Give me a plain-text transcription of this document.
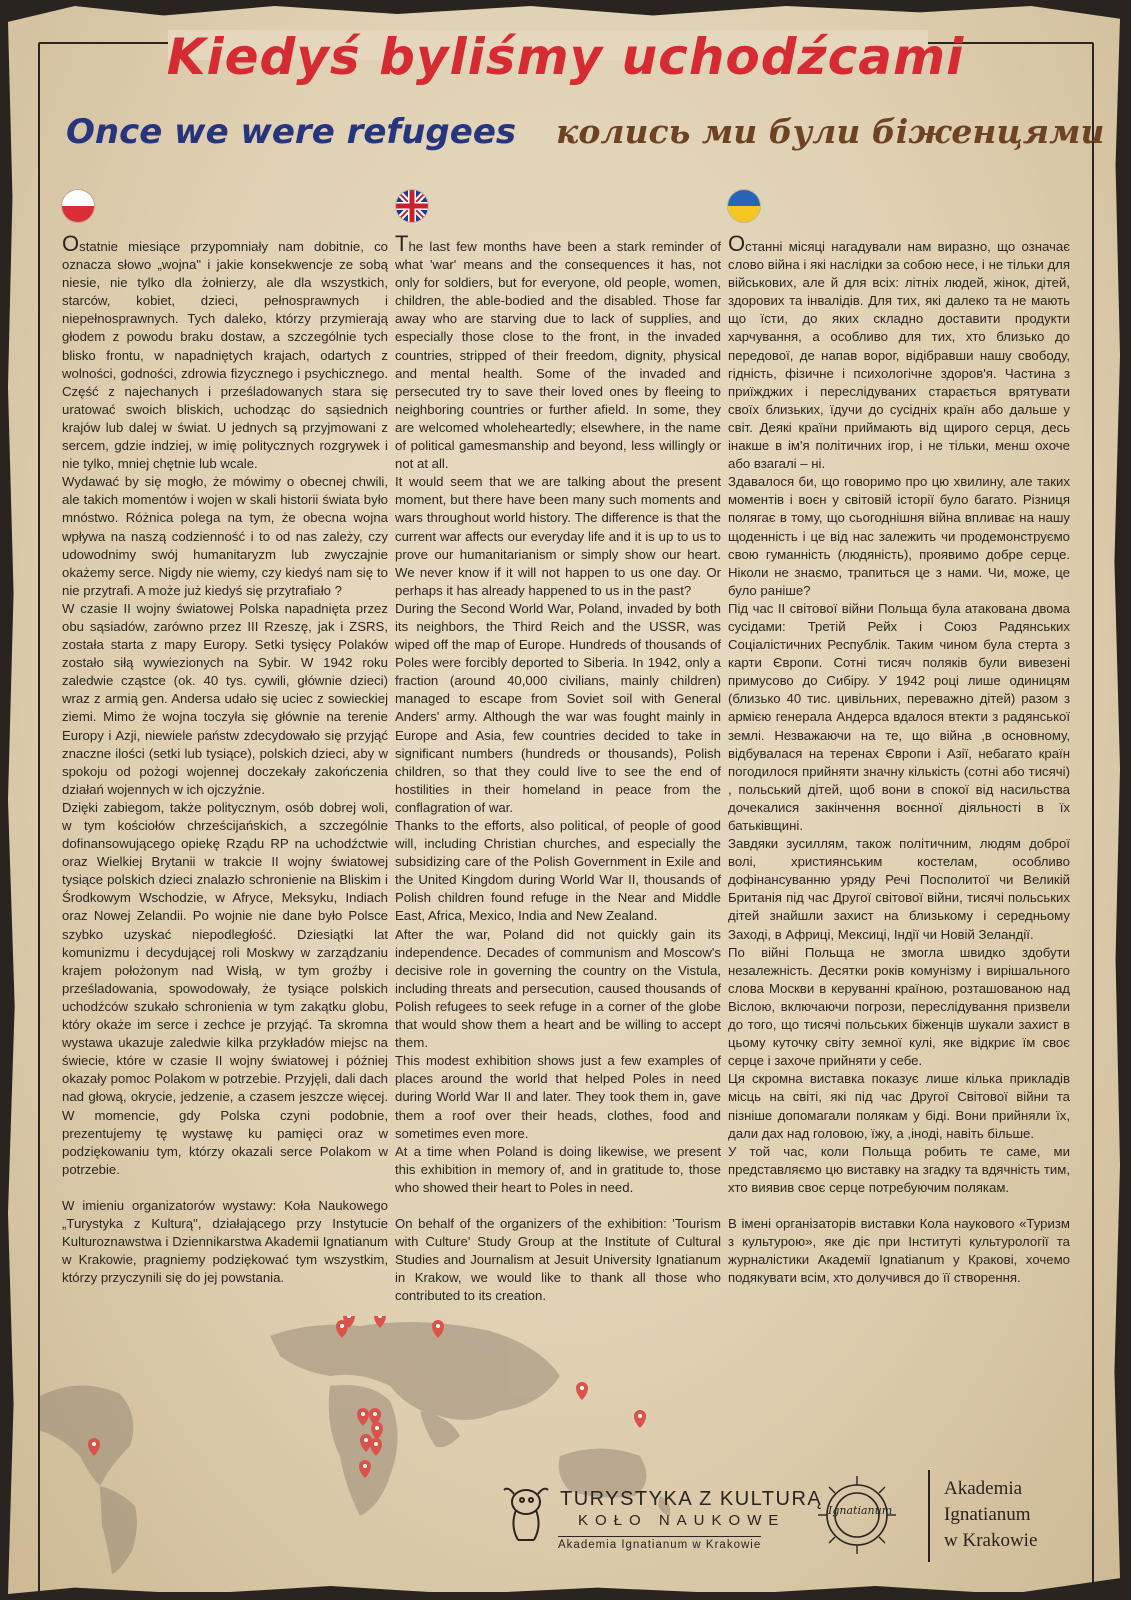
Kiedyś byliśmy uchodźcami
Once we were refugees колись ми були біженцями

Ostatnie miesiące przypomniały nam dobitnie, co oznacza słowo „wojna" i jakie konsekwencje ze sobą niesie, nie tylko dla żołnierzy, ale dla wszystkich, starców, kobiet, dzieci, pełnosprawnych i niepełnosprawnych. Tych daleko, którzy przymierają głodem z powodu braku dostaw, a szczególnie tych blisko frontu, w napadniętych krajach, odartych z wolności, godności, zdrowia fizycznego i psychicznego. Część z najechanych i prześladowanych stara się uratować swoich bliskich, uchodząc do sąsiednich krajów lub dalej w świat. U jednych są przyjmowani z sercem, gdzie indziej, w imię politycznych rozgrywek i nie tylko, mniej chętnie lub wcale.

Wydawać by się mogło, że mówimy o obecnej chwili, ale takich momentów i wojen w skali historii świata było mnóstwo. Różnica polega na tym, że obecna wojna wpływa na naszą codzienność i to od nas zależy, czy udowodnimy swój humanitaryzm lub zwyczajnie okażemy serce. Nigdy nie wiemy, czy kiedyś nam się to nie przytrafi. A może już kiedyś się przytrafiało ?

W czasie II wojny światowej Polska napadnięta przez obu sąsiadów, zarówno przez III Rzeszę, jak i ZSRS, została starta z mapy Europy. Setki tysięcy Polaków zostało siłą wywiezionych na Sybir. W 1942 roku zaledwie cząstce (ok. 40 tys. cywili, głównie dzieci) wraz z armią gen. Andersa udało się uciec z sowieckiej ziemi. Mimo że wojna toczyła się głównie na terenie Europy i Azji, niewiele państw zdecydowało się przyjąć znaczne ilości (setki lub tysiące), polskich dzieci, aby w spokoju od pożogi wojennej doczekały zakończenia działań wojennych w ich ojczyźnie.

Dzięki zabiegom, także politycznym, osób dobrej woli, w tym kościołów chrześcijańskich, a szczególnie dofinansowującego opiekę Rządu RP na uchodźctwie oraz Wielkiej Brytanii w trakcie II wojny światowej tysiące polskich dzieci znalazło schronienie na Bliskim i Środkowym Wschodzie, w Afryce, Meksyku, Indiach oraz Nowej Zelandii. Po wojnie nie dane było Polsce szybko uzyskać niepodległość. Dziesiątki lat komunizmu i decydującej roli Moskwy w zarządzaniu krajem położonym nad Wisłą, w tym groźby i prześladowania, spowodowały, że tysiące polskich uchodźców szukało schronienia w tym zakątku globu, który okaże im serce i zechce je przyjąć. Ta skromna wystawa ukazuje zaledwie kilka przykładów miejsc na świecie, które w czasie II wojny światowej i później okazały pomoc Polakom w potrzebie. Przyjęli, dali dach nad głową, okrycie, jedzenie, a czasem jeszcze więcej. W momencie, gdy Polska czyni podobnie, prezentujemy tę wystawę ku pamięci oraz w podziękowaniu tym, którzy okazali serce Polakom w potrzebie.

W imieniu organizatorów wystawy: Koła Naukowego „Turystyka z Kulturą", działającego przy Instytucie Kulturoznawstwa i Dziennikarstwa Akademii Ignatianum w Krakowie, pragniemy podziękować tym wszystkim, którzy przyczynili się do jej powstania.

The last few months have been a stark reminder of what 'war' means and the consequences it has, not only for soldiers, but for everyone, old people, women, children, the able-bodied and the disabled. Those far away who are starving due to lack of supplies, and especially those close to the front, in the invaded countries, stripped of their freedom, dignity, physical and mental health. Some of the invaded and persecuted try to save their loved ones by fleeing to neighboring countries or further afield. In some, they are welcomed wholeheartedly; elsewhere, in the name of political gamesmanship and beyond, less willingly or not at all.

It would seem that we are talking about the present moment, but there have been many such moments and wars throughout world history. The difference is that the current war affects our everyday life and it is up to us to prove our humanitarianism or simply show our heart. We never know if it will not happen to us one day. Or perhaps it has already happened to us in the past?

During the Second World War, Poland, invaded by both its neighbors, the Third Reich and the USSR, was wiped off the map of Europe. Hundreds of thousands of Poles were forcibly deported to Siberia. In 1942, only a fraction (around 40,000 civilians, mainly children) managed to escape from Soviet soil with General Anders' army. Although the war was fought mainly in Europe and Asia, few countries decided to take in significant numbers (hundreds or thousands), Polish children, so that they could live to see the end of hostilities in their homeland in peace from the conflagration of war.

Thanks to the efforts, also political, of people of good will, including Christian churches, and especially the subsidizing care of the Polish Government in Exile and the United Kingdom during World War II, thousands of Polish children found refuge in the Near and Middle East, Africa, Mexico, India and New Zealand.

After the war, Poland did not quickly gain its independence. Decades of communism and Moscow's decisive role in governing the country on the Vistula, including threats and persecution, caused thousands of Polish refugees to seek refuge in a corner of the globe that would show them a heart and be willing to accept them.

This modest exhibition shows just a few examples of places around the world that helped Poles in need during World War II and later. They took them in, gave them a roof over their heads, clothes, food and sometimes even more.

At a time when Poland is doing likewise, we present this exhibition in memory of, and in gratitude to, those who showed their heart to Poles in need.

On behalf of the organizers of the exhibition: 'Tourism with Culture' Study Group at the Institute of Cultural Studies and Journalism at Jesuit University Ignatianum in Krakow, we would like to thank all those who contributed to its creation.

Останні місяці нагадували нам виразно, що означає слово війна і які наслідки за собою несе, і не тільки для військових, але й для всіх: літніх людей, жінок, дітей, здорових та інвалідів. Для тих, які далеко та не мають що їсти, до яких складно доставити продукти харчування, а особливо для тих, хто близько до передової, де напав ворог, відібравши нашу свободу, гідність, фізичне і психологічне здоров'я. Частина з приїжджих і переслідуваних старається врятувати своїх близьких, їдучи до сусідніх країн або дальше у світ. Деякі країни приймають від щирого серця, десь інакше в ім'я політичних ігор, і не тільки, менш охоче або взагалі – ні.

Здавалося би, що говоримо про цю хвилину, але таких моментів і воєн у світовій історії було багато. Різниця полягає в тому, що сьогоднішня війна впливає на нашу щоденність і це від нас залежить чи продемонструємо свою гуманність (людяність), проявимо добре серце. Ніколи не знаємо, трапиться це з нами. Чи, може, це було раніше?

Під час II світової війни Польща була атакована двома сусідами: Третій Рейх і Союз Радянських Соціалістичних Республік. Таким чином була стерта з карти Європи. Сотні тисяч поляків були вивезені примусово до Сибіру. У 1942 році лише одиницям (близько 40 тис. цивільних, переважно дітей) разом з армією генерала Андерса вдалося втекти з радянської землі. Незважаючи на те, що війна ,в основному, відбувалася на теренах Європи і Азії, небагато країн погодилося прийняти значну кількість (сотні або тисячі) , польський дітей, щоб вони в спокої від насильства дочекалися закінчення воєнної діяльності в їх батьківщині.

Завдяки зусиллям, також політичним, людям доброї волі, християнським костелам, особливо дофінансуванню уряду Речі Посполитої чи Великій Британія під час Другої світової війни, тисячі польських дітей знайшли захист на близькому і середньому Заході, в Африці, Мексиці, Індії чи Новій Зеландії.

По війні Польща не змогла швидко здобути незалежність. Десятки років комунізму і вирішального слова Москви в керуванні країною, розташованою над Віслою, включаючи погрози, переслідування призвели до того, що тисячі польських біженців шукали захист в цьому куточку світу земної кулі, яке відкриє їм своє серце і захоче прийняти у себе.

Ця скромна виставка показує лише кілька прикладів місць на світі, які під час Другої Світової війни та пізніше допомагали полякам у біді. Вони прийняли їх, дали дах над головою, їжу, а ,іноді, навіть більше.

У той час, коли Польща робить те саме, ми представляємо цю виставку на згадку та вдячність тим, хто виявив своє серце потребуючим полякам.

В імені організаторів виставки Кола наукового «Туризм з культурою», яке діє при Інституті культурології та журналістики Академії Ignatianum у Кракові, хочемо подякувати всім, хто долучився до її створення.

TURYSTYKA Z KULTURĄ
KOŁO NAUKOWE
Akademia Ignatianum w Krakowie
Ignatianum
Akademia
Ignatianum
w Krakowie
